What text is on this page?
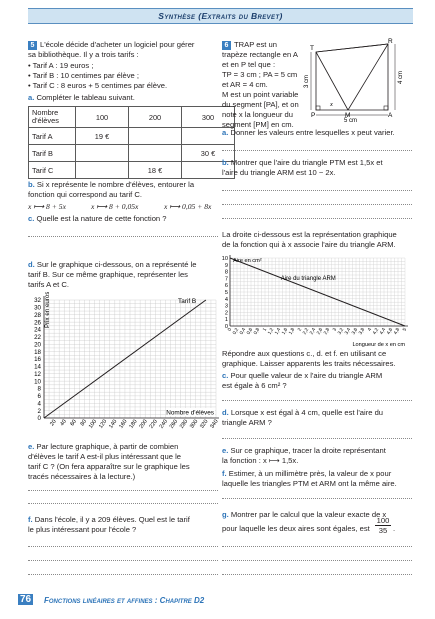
Synthèse (Extraits du Brevet)
5 L'école décide d'acheter un logiciel pour gérer
sa bibliothèque. Il y a trois tarifs :
• Tarif A : 19 euros ;
• Tarif B : 10 centimes par élève ;
• Tarif C : 8 euros + 5 centimes par élève.
a. Compléter le tableau suivant.
Nombre d'élèves	100	200	300
Tarif A	19 €		
Tarif B			30 €
Tarif C		18 €	
b. Si x représente le nombre d'élèves, entourer la
fonction qui correspond au tarif C.
x ⟼ 8 + 5x	x ⟼ 8 + 0,05x	x ⟼ 0,05 + 8x
c. Quelle est la nature de cette fonction ?
d. Sur le graphique ci-dessous, on a représenté le
tarif B. Sur ce même graphique, représenter les
tarifs A et C.
0
2
4
6
8
10
12
14
16
18
20
22
24
26
28
30
32
20 40 60 80 100 120 140 160 180 200 220 240 260 280 300 320 340
Tarif B
Prix en euros
Nombre d'élèves
e. Par lecture graphique, à partir de combien
d'élèves le tarif A est-il plus intéressant que le
tarif C ? (On fera apparaître sur le graphique les
tracés nécessaires à la lecture.)
f. Dans l'école, il y a 209 élèves. Quel est le tarif
le plus intéressant pour l'école ?
6 TRAP est un
trapèze rectangle en A
et en P tel que :
TP = 3 cm ; PA = 5 cm
et AR = 4 cm.
M est un point variable
du segment [PA], et on
note x la longueur du
segment [PM] en cm.
R
T
P	M	A
x
3 cm	4 cm
5 cm
a. Donner les valeurs entre lesquelles x peut varier.
b. Montrer que l'aire du triangle PTM est 1,5x et
l'aire du triangle ARM est 10 − 2x.
La droite ci-dessous est la représentation graphique
de la fonction qui à x associe l'aire du triangle ARM.
0
1
2
3
4
5
6
7
8
9
10
0 0,2 0,4 0,6 0,8 1 1,2 1,4 1,6 1,8 2 2,2 2,4 2,6 2,8 3 3,2 3,4 3,6 3,8 4 4,2 4,4 4,6 4,8 5
Aire du triangle ARM
Aire en cm²
Longueur de x en cm
Répondre aux questions c., d. et f. en utilisant ce
graphique. Laisser apparents les traits nécessaires.
c. Pour quelle valeur de x l'aire du triangle ARM
est égale à 6 cm² ?
d. Lorsque x est égal à 4 cm, quelle est l'aire du
triangle ARM ?
e. Sur ce graphique, tracer la droite représentant
la fonction : x ⟼ 1,5x.
f. Estimer, à un millimètre près, la valeur de x pour
laquelle les triangles PTM et ARM ont la même aire.
g. Montrer par le calcul que la valeur exacte de x
pour laquelle les deux aires sont égales, est $\frac{100}{35}$ .
76 Fonctions linéaires et affines : Chapitre D2
